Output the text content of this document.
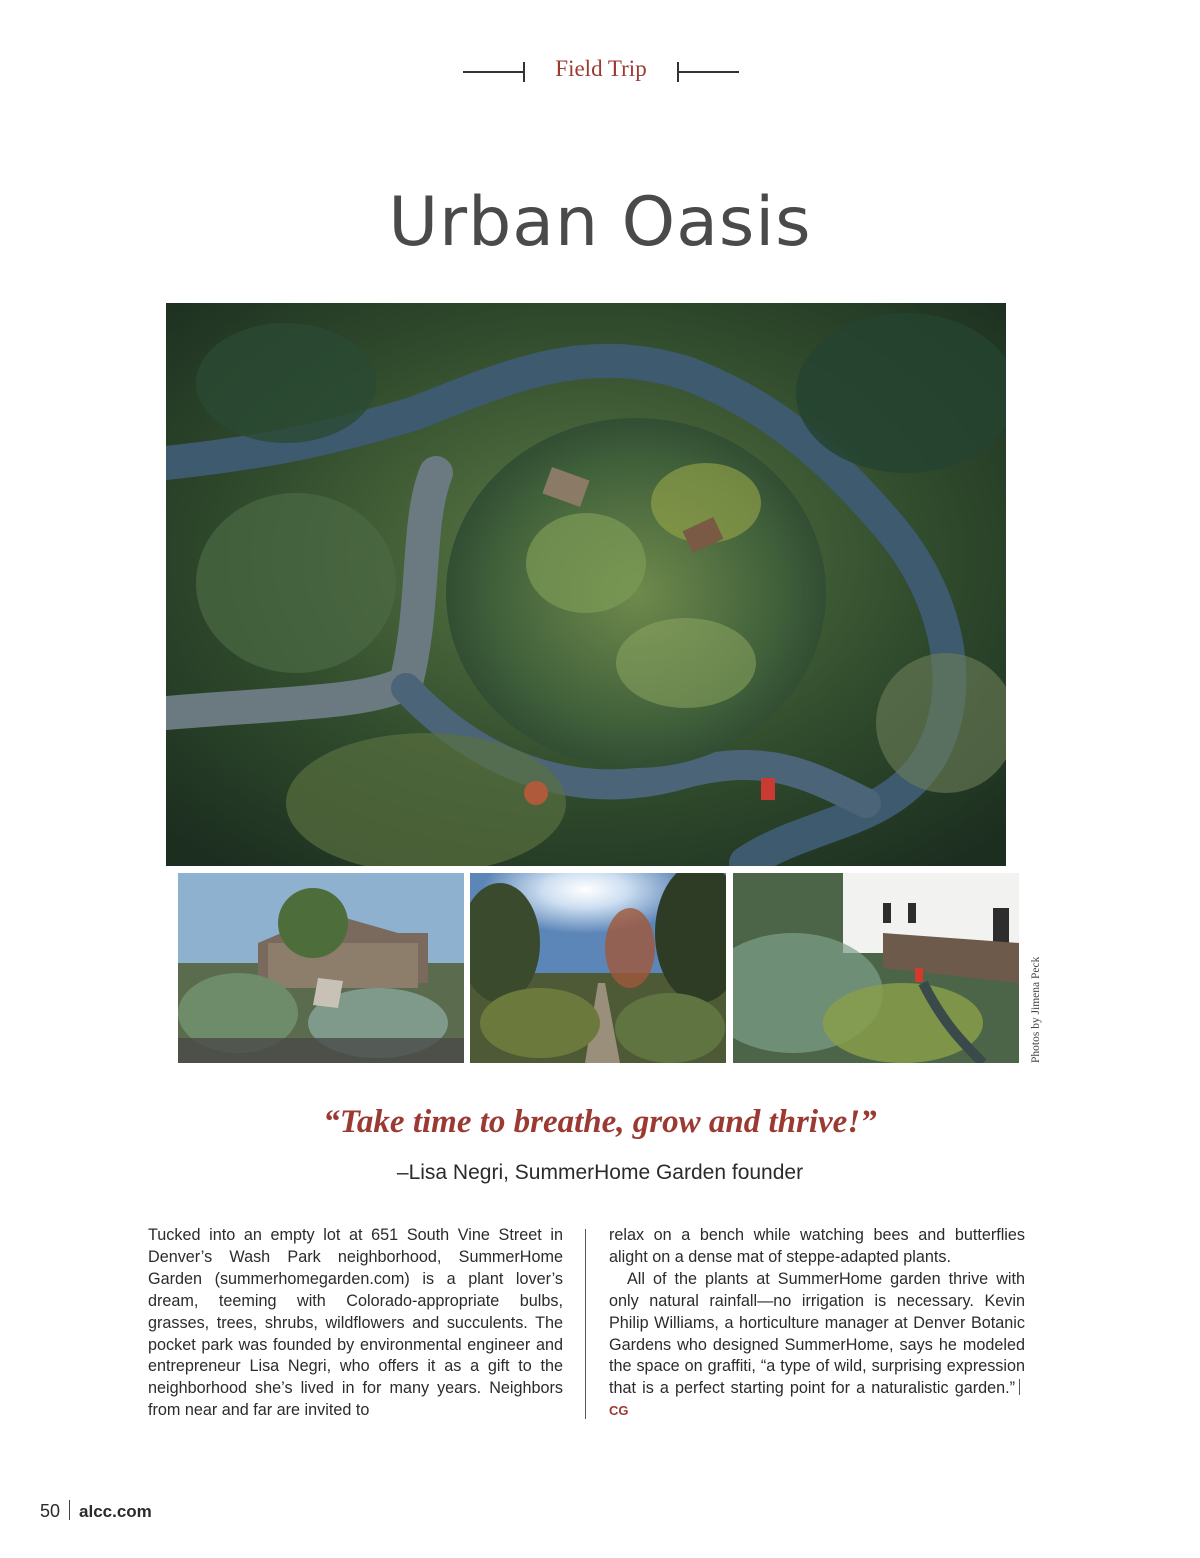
Field Trip
Urban Oasis
Photos by Jimena Peck

“Take time to breathe, grow and thrive!”

–Lisa Negri, SummerHome Garden founder

Tucked into an empty lot at 651 South Vine Street in Denver’s Wash Park neighborhood, SummerHome Garden (summerhomegarden.com) is a plant lover’s dream, teeming with Colorado-appropriate bulbs, grasses, trees, shrubs, wildflowers and succulents. The pocket park was founded by environmental engineer and entrepreneur Lisa Negri, who offers it as a gift to the neighborhood she’s lived in for many years. Neighbors from near and far are invited to

relax on a bench while watching bees and butterflies alight on a dense mat of steppe-adapted plants.

All of the plants at SummerHome garden thrive with only natural rainfall—no irrigation is necessary. Kevin Philip Williams, a horticulture manager at Denver Botanic Gardens who designed SummerHome, says he modeled the space on graffiti, “a type of wild, surprising expression that is a perfect starting point for a naturalistic garden.”CG

50 alcc.com
